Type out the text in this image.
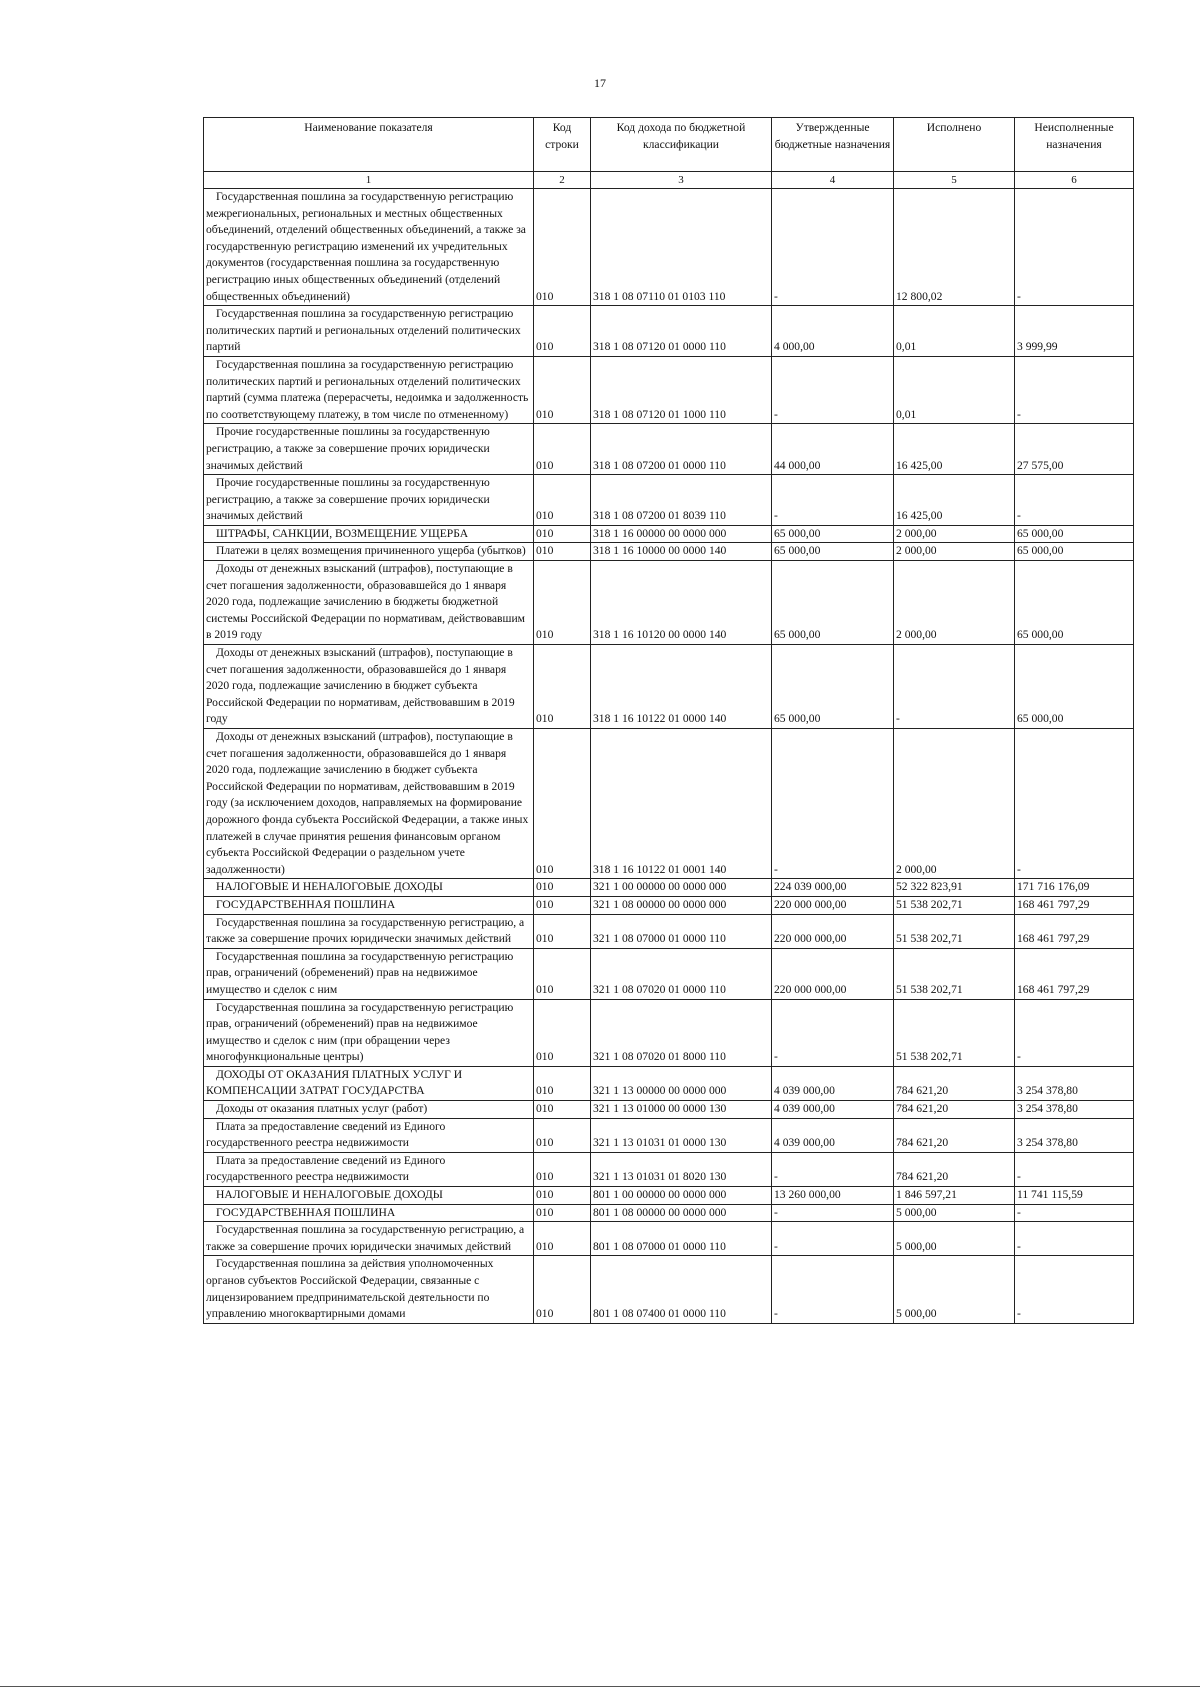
17
Наименование показателя	Код строки	Код дохода по бюджетной классификации	Утвержденные бюджетные назначения	Исполнено	Неисполненные назначения
1	2	3	4	5	6
Государственная пошлина за государственную регистрацию межрегиональных, региональных и местных общественных объединений, отделений общественных объединений, а также за государственную регистрацию изменений их учредительных документов (государственная пошлина за государственную регистрацию иных общественных объединений (отделений общественных объединений)	010	318 1 08 07110 01 0103 110	-	12 800,02	-
Государственная пошлина за государственную регистрацию политических партий и региональных отделений политических партий	010	318 1 08 07120 01 0000 110	4 000,00	0,01	3 999,99
Государственная пошлина за государственную регистрацию политических партий и региональных отделений политических партий (сумма платежа (перерасчеты, недоимка и задолженность по соответствующему платежу, в том числе по отмененному)	010	318 1 08 07120 01 1000 110	-	0,01	-
Прочие государственные пошлины за государственную регистрацию, а также за совершение прочих юридически значимых действий	010	318 1 08 07200 01 0000 110	44 000,00	16 425,00	27 575,00
Прочие государственные пошлины за государственную регистрацию, а также за совершение прочих юридически значимых действий	010	318 1 08 07200 01 8039 110	-	16 425,00	-
ШТРАФЫ, САНКЦИИ, ВОЗМЕЩЕНИЕ УЩЕРБА	010	318 1 16 00000 00 0000 000	65 000,00	2 000,00	65 000,00
Платежи в целях возмещения причиненного ущерба (убытков)	010	318 1 16 10000 00 0000 140	65 000,00	2 000,00	65 000,00
Доходы от денежных взысканий (штрафов), поступающие в счет погашения задолженности, образовавшейся до 1 января 2020 года, подлежащие зачислению в бюджеты бюджетной системы Российской Федерации по нормативам, действовавшим в 2019 году	010	318 1 16 10120 00 0000 140	65 000,00	2 000,00	65 000,00
Доходы от денежных взысканий (штрафов), поступающие в счет погашения задолженности, образовавшейся до 1 января 2020 года, подлежащие зачислению в бюджет субъекта Российской Федерации по нормативам, действовавшим в 2019 году	010	318 1 16 10122 01 0000 140	65 000,00	-	65 000,00
Доходы от денежных взысканий (штрафов), поступающие в счет погашения задолженности, образовавшейся до 1 января 2020 года, подлежащие зачислению в бюджет субъекта Российской Федерации по нормативам, действовавшим в 2019 году (за исключением доходов, направляемых на формирование дорожного фонда субъекта Российской Федерации, а также иных платежей в случае принятия решения финансовым органом субъекта Российской Федерации о раздельном учете задолженности)	010	318 1 16 10122 01 0001 140	-	2 000,00	-
НАЛОГОВЫЕ И НЕНАЛОГОВЫЕ ДОХОДЫ	010	321 1 00 00000 00 0000 000	224 039 000,00	52 322 823,91	171 716 176,09
ГОСУДАРСТВЕННАЯ ПОШЛИНА	010	321 1 08 00000 00 0000 000	220 000 000,00	51 538 202,71	168 461 797,29
Государственная пошлина за государственную регистрацию, а также за совершение прочих юридически значимых действий	010	321 1 08 07000 01 0000 110	220 000 000,00	51 538 202,71	168 461 797,29
Государственная пошлина за государственную регистрацию прав, ограничений (обременений) прав на недвижимое имущество и сделок с ним	010	321 1 08 07020 01 0000 110	220 000 000,00	51 538 202,71	168 461 797,29
Государственная пошлина за государственную регистрацию прав, ограничений (обременений) прав на недвижимое имущество и сделок с ним (при обращении через многофункциональные центры)	010	321 1 08 07020 01 8000 110	-	51 538 202,71	-
ДОХОДЫ ОТ ОКАЗАНИЯ ПЛАТНЫХ УСЛУГ И КОМПЕНСАЦИИ ЗАТРАТ ГОСУДАРСТВА	010	321 1 13 00000 00 0000 000	4 039 000,00	784 621,20	3 254 378,80
Доходы от оказания платных услуг (работ)	010	321 1 13 01000 00 0000 130	4 039 000,00	784 621,20	3 254 378,80
Плата за предоставление сведений из Единого государственного реестра недвижимости	010	321 1 13 01031 01 0000 130	4 039 000,00	784 621,20	3 254 378,80
Плата за предоставление сведений из Единого государственного реестра недвижимости	010	321 1 13 01031 01 8020 130	-	784 621,20	-
НАЛОГОВЫЕ И НЕНАЛОГОВЫЕ ДОХОДЫ	010	801 1 00 00000 00 0000 000	13 260 000,00	1 846 597,21	11 741 115,59
ГОСУДАРСТВЕННАЯ ПОШЛИНА	010	801 1 08 00000 00 0000 000	-	5 000,00	-
Государственная пошлина за государственную регистрацию, а также за совершение прочих юридически значимых действий	010	801 1 08 07000 01 0000 110	-	5 000,00	-
Государственная пошлина за действия уполномоченных органов субъектов Российской Федерации, связанные с лицензированием предпринимательской деятельности по управлению многоквартирными домами	010	801 1 08 07400 01 0000 110	-	5 000,00	-
